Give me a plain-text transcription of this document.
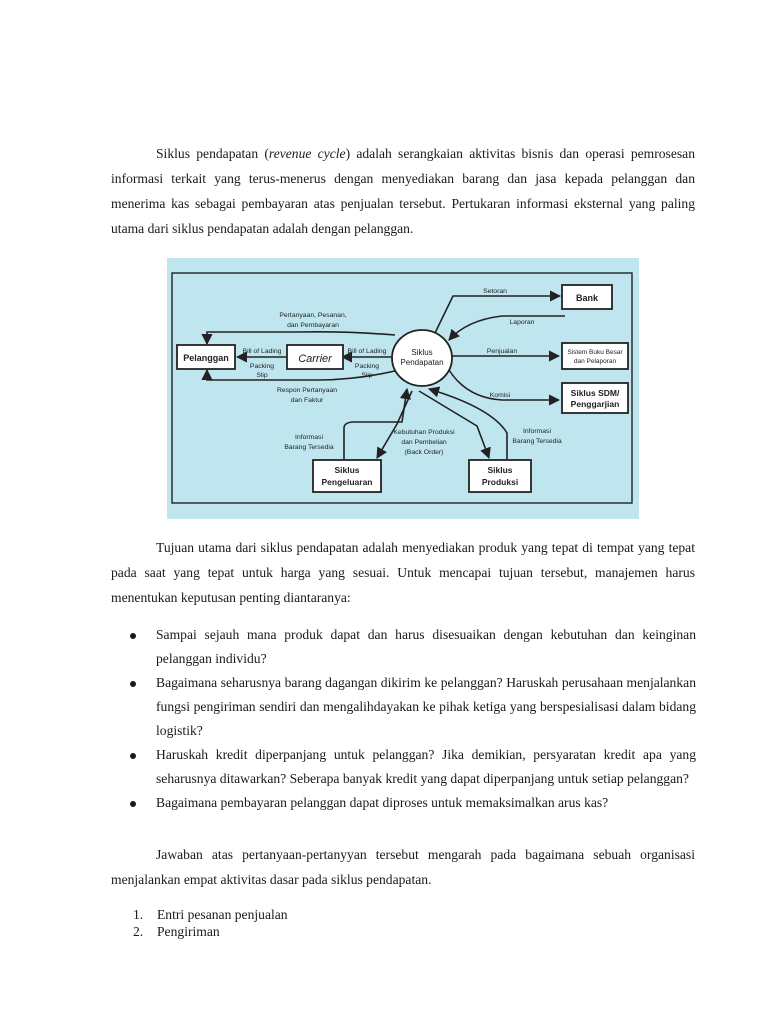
Siklus pendapatan (revenue cycle) adalah serangkaian aktivitas bisnis dan operasi pemrosesan informasi terkait yang terus-menerus dengan menyediakan barang dan jasa kepada pelanggan dan menerima kas sebagai pembayaran atas penjualan tersebut. Pertukaran informasi eksternal yang paling utama dari siklus pendapatan adalah dengan pelanggan.

Pelanggan	Carrier
Bank
Sistem Buku Besar
dan Pelaporan
Siklus SDM/
Penggarjian
Siklus
Pengeluaran
Siklus
Produksi
Siklus
Pendapatan
Pertanyaan, Pesanan,
dan Pembayaran
Bill of Lading
Packing
Slip
Bill of Lading
Packing
Slip
Respon Pertanyaan
dan Faktur
Setoran
Laporan
Penjualan
Komisi
Informasi
Barang Tersedia
Kebutuhan Produksi
dan Pembelian
(Back Order)
Informasi
Barang Tersedia

Tujuan utama dari siklus pendapatan adalah menyediakan produk yang tepat di tempat yang tepat pada saat yang tepat untuk harga yang sesuai. Untuk mencapai tujuan tersebut, manajemen harus menentukan keputusan penting diantaranya:

Sampai sejauh mana produk dapat dan harus disesuaikan dengan kebutuhan dan keinginan pelanggan individu?
Bagaimana seharusnya barang dagangan dikirim ke pelanggan? Haruskah perusahaan menjalankan fungsi pengiriman sendiri dan mengalihdayakan ke pihak ketiga yang berspesialisasi dalam bidang logistik?
Haruskah kredit diperpanjang untuk pelanggan? Jika demikian, persyaratan kredit apa yang seharusnya ditawarkan? Seberapa banyak kredit yang dapat diperpanjang untuk setiap pelanggan?
Bagaimana pembayaran pelanggan dapat diproses untuk memaksimalkan arus kas?

Jawaban atas pertanyaan-pertanyyan tersebut mengarah pada bagaimana sebuah organisasi menjalankan empat aktivitas dasar pada siklus pendapatan.

1.	Entri pesanan penjualan
2.	Pengiriman
